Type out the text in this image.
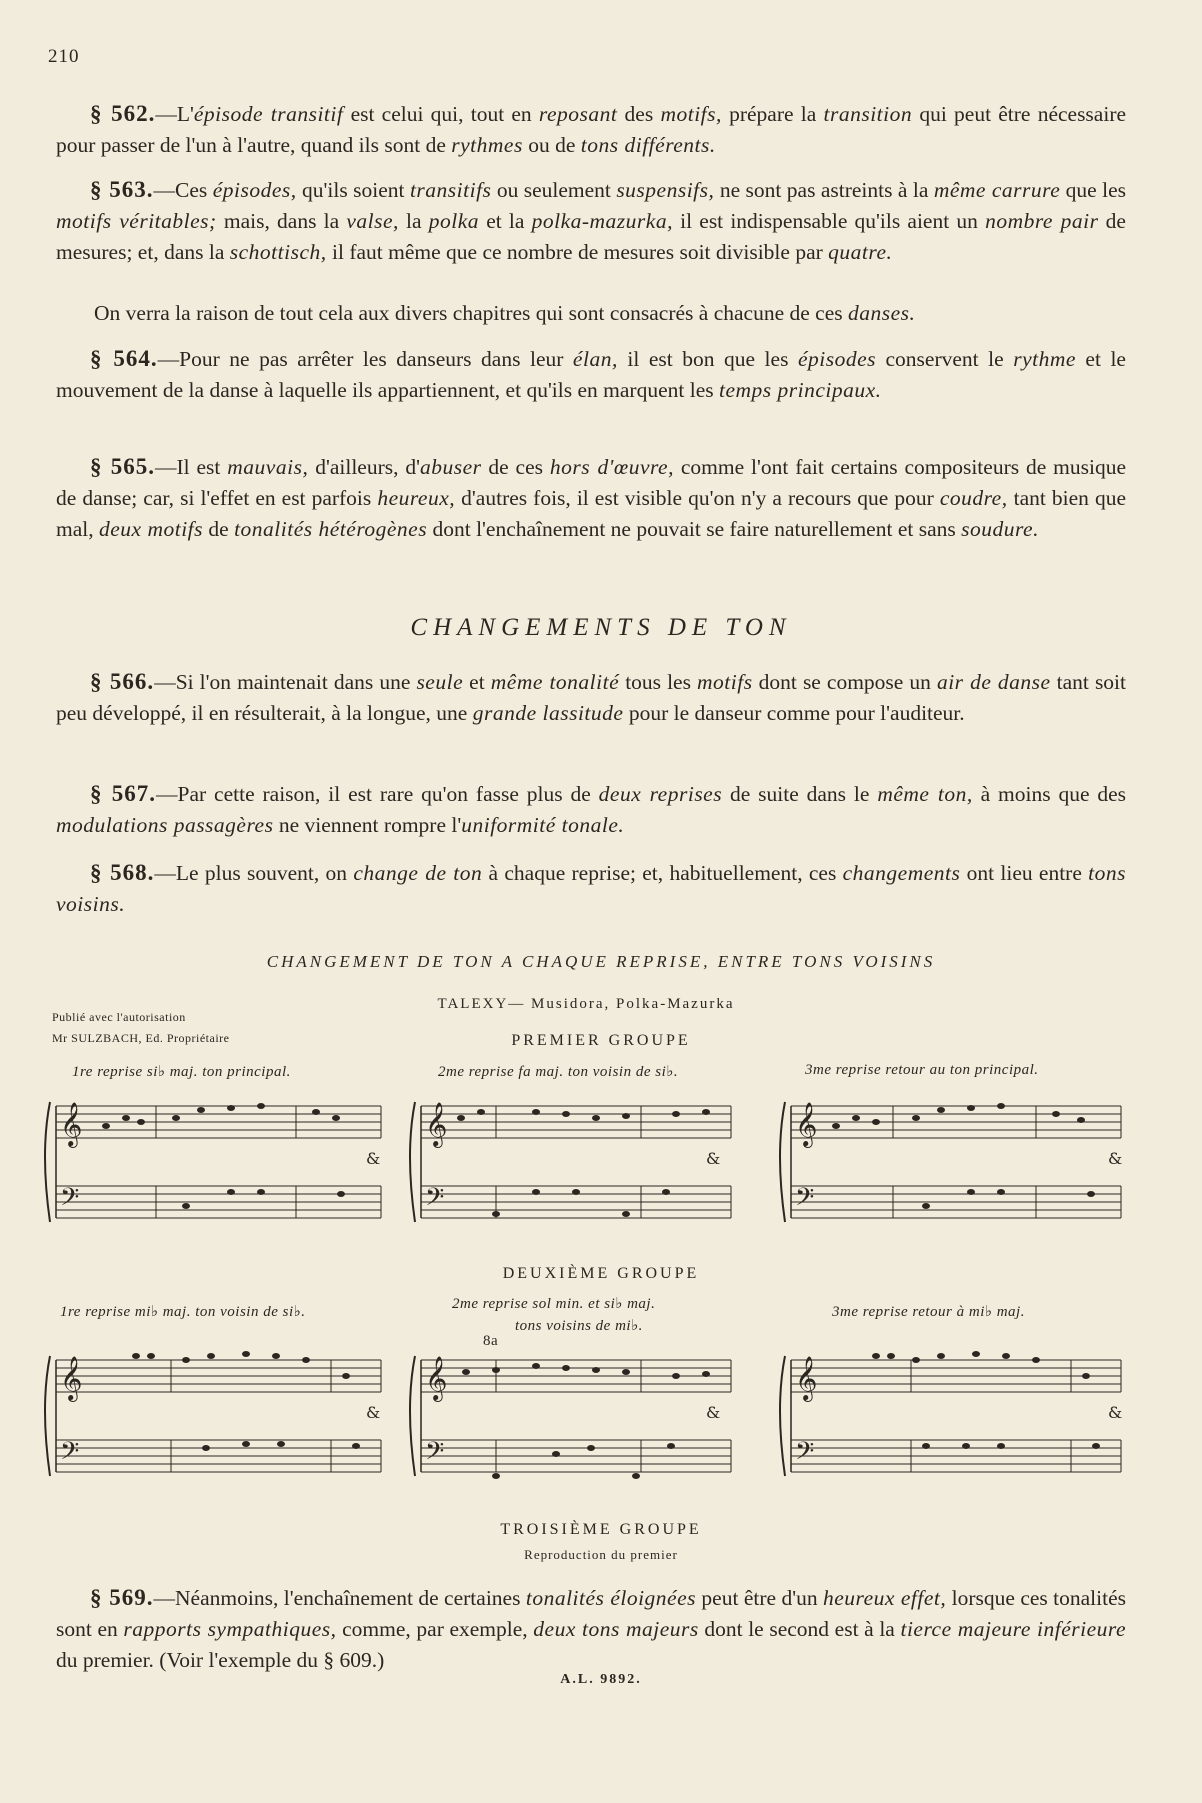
210
§ 562.—L'épisode transitif est celui qui, tout en reposant des motifs, prépare la transition qui peut être nécessaire pour passer de l'un à l'autre, quand ils sont de rythmes ou de tons différents.
§ 563.—Ces épisodes, qu'ils soient transitifs ou seulement suspensifs, ne sont pas astreints à la même carrure que les motifs véritables; mais, dans la valse, la polka et la polka-mazurka, il est indispensable qu'ils aient un nombre pair de mesures; et, dans la schottisch, il faut même que ce nombre de mesures soit divisible par quatre.
On verra la raison de tout cela aux divers chapitres qui sont consacrés à chacune de ces danses.
§ 564.—Pour ne pas arrêter les danseurs dans leur élan, il est bon que les épisodes conservent le rythme et le mouvement de la danse à laquelle ils appartiennent, et qu'ils en marquent les temps principaux.
§ 565.—Il est mauvais, d'ailleurs, d'abuser de ces hors d'œuvre, comme l'ont fait certains compositeurs de musique de danse; car, si l'effet en est parfois heureux, d'autres fois, il est visible qu'on n'y a recours que pour coudre, tant bien que mal, deux motifs de tonalités hétérogènes dont l'enchaînement ne pouvait se faire naturellement et sans soudure.
CHANGEMENTS DE TON
§ 566.—Si l'on maintenait dans une seule et même tonalité tous les motifs dont se compose un air de danse tant soit peu développé, il en résulterait, à la longue, une grande lassitude pour le danseur comme pour l'auditeur.
§ 567.—Par cette raison, il est rare qu'on fasse plus de deux reprises de suite dans le même ton, à moins que des modulations passagères ne viennent rompre l'uniformité tonale.
§ 568.—Le plus souvent, on change de ton à chaque reprise; et, habituellement, ces changements ont lieu entre tons voisins.
CHANGEMENT DE TON A CHAQUE REPRISE, ENTRE TONS VOISINS
Publié avec l'autorisation
Mr SULZBACH, Ed. Propriétaire
TALEXY— Musidora, Polka-Mazurka
PREMIER GROUPE
1re reprise si♭ maj. ton principal.	2me reprise fa maj. ton voisin de si♭.	3me reprise retour au ton principal.
𝄞
𝄢
𝄞
𝄢
𝄞
𝄢
&	&	&
DEUXIÈME GROUPE
1re reprise mi♭ maj. ton voisin de si♭.	2me reprise sol min. et si♭ maj.
tons voisins de mi♭.
3me reprise retour à mi♭ maj.
8a
𝄞
𝄢
𝄞
𝄢
𝄞
𝄢
&	&	&
TROISIÈME GROUPE
Reproduction du premier
§ 569.—Néanmoins, l'enchaînement de certaines tonalités éloignées peut être d'un heureux effet, lorsque ces tonalités sont en rapports sympathiques, comme, par exemple, deux tons majeurs dont le second est à la tierce majeure inférieure du premier. (Voir l'exemple du § 609.)
A.L. 9892.
